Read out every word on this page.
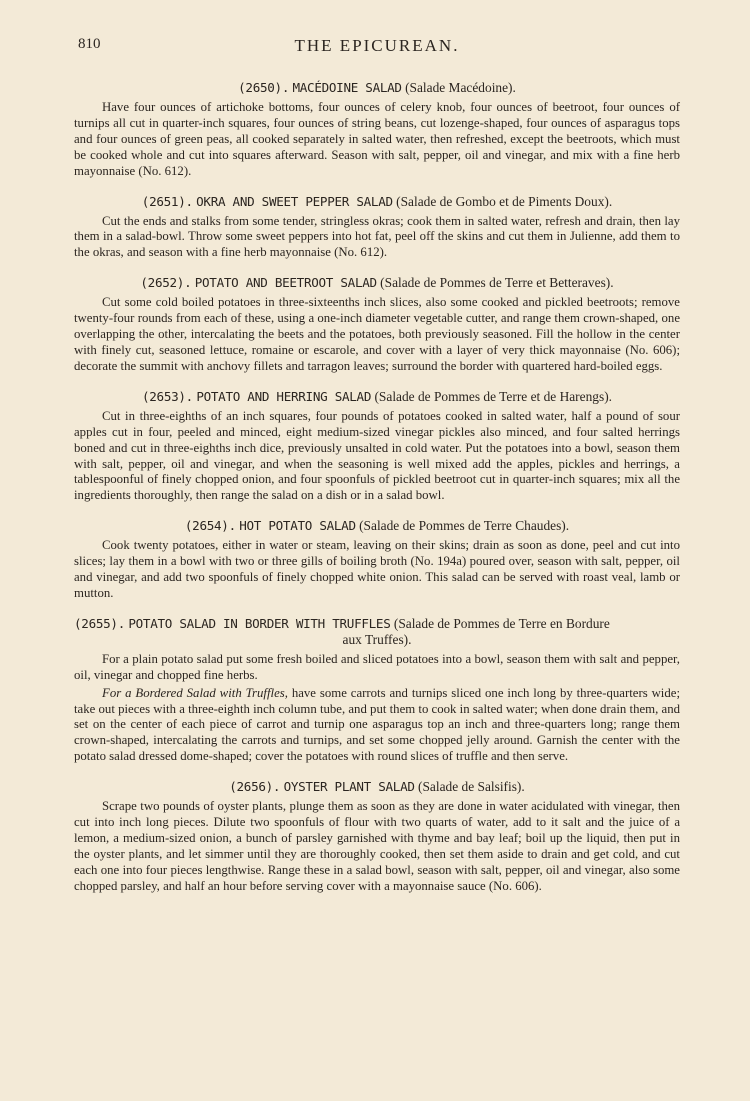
810	THE EPICUREAN.
(2650). MACÉDOINE SALAD (Salade Macédoine).

Have four ounces of artichoke bottoms, four ounces of celery knob, four ounces of beetroot, four ounces of turnips all cut in quarter-inch squares, four ounces of string beans, cut lozenge-shaped, four ounces of asparagus tops and four ounces of green peas, all cooked separately in salted water, then refreshed, except the beetroots, which must be cooked whole and cut into squares afterward. Season with salt, pepper, oil and vinegar, and mix with a fine herb mayonnaise (No. 612).

(2651). OKRA AND SWEET PEPPER SALAD (Salade de Gombo et de Piments Doux).

Cut the ends and stalks from some tender, stringless okras; cook them in salted water, refresh and drain, then lay them in a salad-bowl. Throw some sweet peppers into hot fat, peel off the skins and cut them in Julienne, add them to the okras, and season with a fine herb mayonnaise (No. 612).

(2652). POTATO AND BEETROOT SALAD (Salade de Pommes de Terre et Betteraves).

Cut some cold boiled potatoes in three-sixteenths inch slices, also some cooked and pickled beetroots; remove twenty-four rounds from each of these, using a one-inch diameter vegetable cutter, and range them crown-shaped, one overlapping the other, intercalating the beets and the potatoes, both previously seasoned. Fill the hollow in the center with finely cut, seasoned lettuce, romaine or escarole, and cover with a layer of very thick mayonnaise (No. 606); decorate the summit with anchovy fillets and tarragon leaves; surround the border with quartered hard-boiled eggs.

(2653). POTATO AND HERRING SALAD (Salade de Pommes de Terre et de Harengs).

Cut in three-eighths of an inch squares, four pounds of potatoes cooked in salted water, half a pound of sour apples cut in four, peeled and minced, eight medium-sized vinegar pickles also minced, and four salted herrings boned and cut in three-eighths inch dice, previously unsalted in cold water. Put the potatoes into a bowl, season them with salt, pepper, oil and vinegar, and when the seasoning is well mixed add the apples, pickles and herrings, a tablespoonful of finely chopped onion, and four spoonfuls of pickled beetroot cut in quarter-inch squares; mix all the ingredients thoroughly, then range the salad on a dish or in a salad bowl.

(2654). HOT POTATO SALAD (Salade de Pommes de Terre Chaudes).

Cook twenty potatoes, either in water or steam, leaving on their skins; drain as soon as done, peel and cut into slices; lay them in a bowl with two or three gills of boiling broth (No. 194a) poured over, season with salt, pepper, oil and vinegar, and add two spoonfuls of finely chopped white onion. This salad can be served with roast veal, lamb or mutton.

(2655). POTATO SALAD IN BORDER WITH TRUFFLES (Salade de Pommes de Terre en Bordure
aux Truffes).

For a plain potato salad put some fresh boiled and sliced potatoes into a bowl, season them with salt and pepper, oil, vinegar and chopped fine herbs.

For a Bordered Salad with Truffles, have some carrots and turnips sliced one inch long by three-quarters wide; take out pieces with a three-eighth inch column tube, and put them to cook in salted water; when done drain them, and set on the center of each piece of carrot and turnip one asparagus top an inch and three-quarters long; range them crown-shaped, intercalating the carrots and turnips, and set some chopped jelly around. Garnish the center with the potato salad dressed dome-shaped; cover the potatoes with round slices of truffle and then serve.

(2656). OYSTER PLANT SALAD (Salade de Salsifis).

Scrape two pounds of oyster plants, plunge them as soon as they are done in water acidulated with vinegar, then cut into inch long pieces. Dilute two spoonfuls of flour with two quarts of water, add to it salt and the juice of a lemon, a medium-sized onion, a bunch of parsley garnished with thyme and bay leaf; boil up the liquid, then put in the oyster plants, and let simmer until they are thoroughly cooked, then set them aside to drain and get cold, and cut each one into four pieces lengthwise. Range these in a salad bowl, season with salt, pepper, oil and vinegar, also some chopped parsley, and half an hour before serving cover with a mayonnaise sauce (No. 606).
